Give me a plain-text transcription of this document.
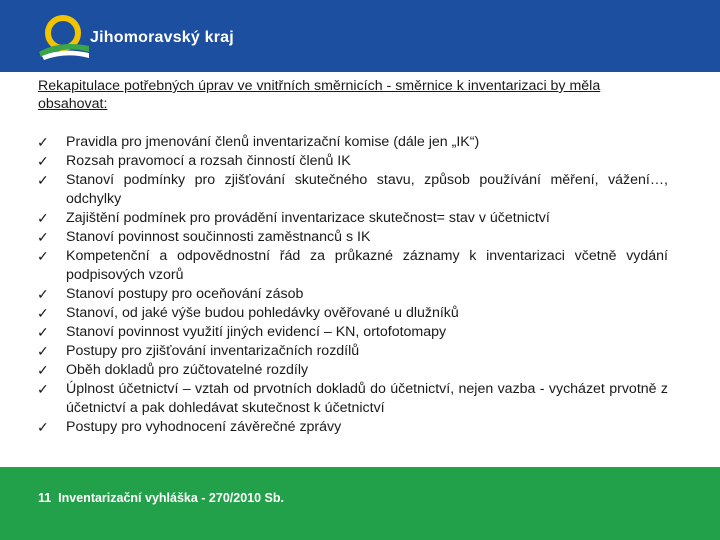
Jihomoravský kraj
Rekapitulace potřebných úprav ve vnitřních směrnicích - směrnice k inventarizaci by měla obsahovat:
✓	Pravidla pro jmenování členů inventarizační komise (dále jen „IK“)
✓	Rozsah pravomocí a rozsah činností členů IK
✓	Stanoví podmínky pro zjišťování skutečného stavu, způsob používání měření, vážení…, odchylky
✓	Zajištění podmínek pro provádění inventarizace skutečnost= stav v účetnictví
✓	Stanoví povinnost součinnosti zaměstnanců s IK
✓	Kompetenční a odpovědnostní řád za průkazné záznamy k inventarizaci včetně vydání podpisových vzorů
✓	Stanoví postupy pro oceňování zásob
✓	Stanoví, od jaké výše budou pohledávky ověřované u dlužníků
✓	Stanoví povinnost využití jiných evidencí – KN, ortofotomapy
✓	Postupy pro zjišťování inventarizačních rozdílů
✓	Oběh dokladů pro zúčtovatelné rozdíly
✓	Úplnost účetnictví – vztah od prvotních dokladů do účetnictví, nejen vazba - vycházet prvotně z účetnictví a pak dohledávat skutečnost k účetnictví
✓	Postupy pro vyhodnocení závěrečné zprávy
11 Inventarizační vyhláška - 270/2010 Sb.
